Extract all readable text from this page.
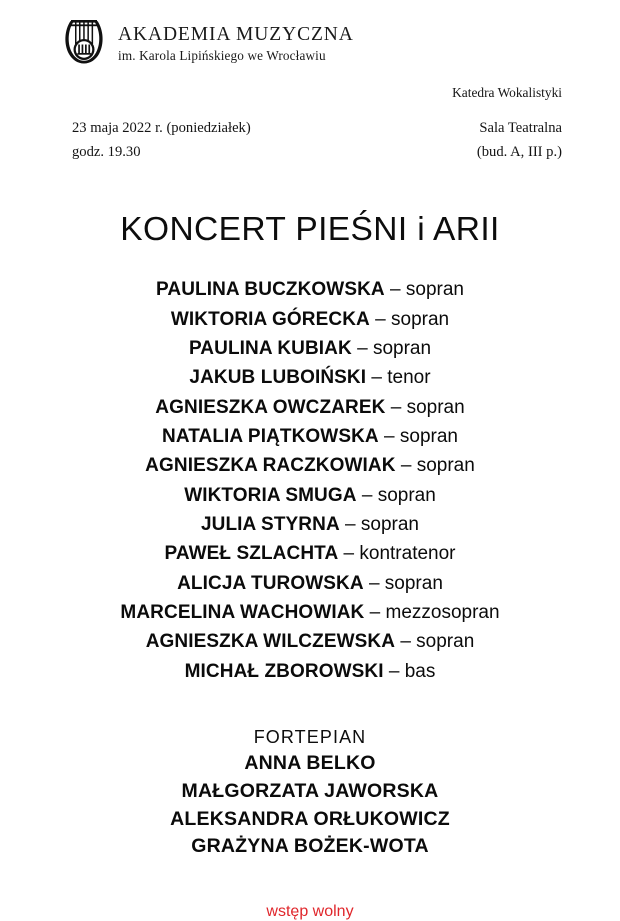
AKADEMIA MUZYCZNA
im. Karola Lipińskiego we Wrocławiu
Katedra Wokalistyki
23 maja 2022 r. (poniedziałek)
godz. 19.30
Sala Teatralna
(bud. A, III p.)
KONCERT PIEŚNI i ARII
PAULINA BUCZKOWSKA – sopran
WIKTORIA GÓRECKA – sopran
PAULINA KUBIAK – sopran
JAKUB LUBOIŃSKI – tenor
AGNIESZKA OWCZAREK – sopran
NATALIA PIĄTKOWSKA – sopran
AGNIESZKA RACZKOWIAK – sopran
WIKTORIA SMUGA – sopran
JULIA STYRNA – sopran
PAWEŁ SZLACHTA – kontratenor
ALICJA TUROWSKA – sopran
MARCELINA WACHOWIAK – mezzosopran
AGNIESZKA WILCZEWSKA – sopran
MICHAŁ ZBOROWSKI – bas
FORTEPIAN
ANNA BELKO
MAŁGORZATA JAWORSKA
ALEKSANDRA ORŁUKOWICZ
GRAŻYNA BOŻEK-WOTA
wstęp wolny
